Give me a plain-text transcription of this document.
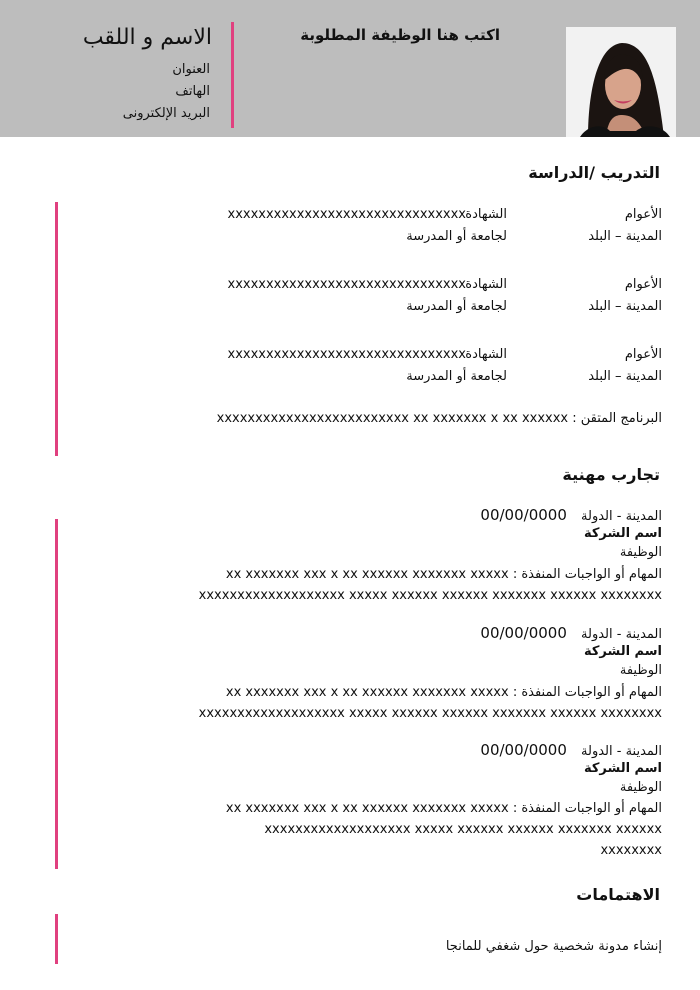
اكتب هنا الوظيفة المطلوبة
الاسم و اللقب
العنوان
الهاتف
البريد الإلكترونى
التدريب /الدراسة
الأعوام
الشهادة
xxxxxxxxxxxxxxxxxxxxxxxxxxxxxxx
المدينة – البلد
لجامعة أو المدرسة
الأعوام
الشهادة
xxxxxxxxxxxxxxxxxxxxxxxxxxxxxxx
المدينة – البلد
لجامعة أو المدرسة
الأعوام
الشهادة
xxxxxxxxxxxxxxxxxxxxxxxxxxxxxxx
المدينة – البلد
لجامعة أو المدرسة
البرنامج المتقن : xxxxxxxxxxxxxxxxxxxxxxxxx xx xxxxxxx x xx xxxxxx
تجارب مهنية
المدينة - الدولة 00/00/0000
اسم الشركة
الوظيفة
المهام أو الواجبات المنفذة : xx xxxxxxx xxx x xx xxxxxx xxxxxxx xxxxx
xxxxxxxxxxxxxxxxxxx xxxxx xxxxxx xxxxxx xxxxxxx xxxxxx xxxxxxxx
المدينة - الدولة 00/00/0000
اسم الشركة
الوظيفة
المهام أو الواجبات المنفذة : xx xxxxxxx xxx x xx xxxxxx xxxxxxx xxxxx
xxxxxxxxxxxxxxxxxxx xxxxx xxxxxx xxxxxx xxxxxxx xxxxxx xxxxxxxx
المدينة - الدولة 00/00/0000
اسم الشركة
الوظيفة
المهام أو الواجبات المنفذة : xx xxxxxxx xxx x xx xxxxxx xxxxxxx xxxxx
xxxxxxxxxxxxxxxxxxx xxxxx xxxxxx xxxxxx xxxxxxx xxxxxx
xxxxxxxx
الاهتمامات
إنشاء مدونة شخصية حول شغفي للمانجا
